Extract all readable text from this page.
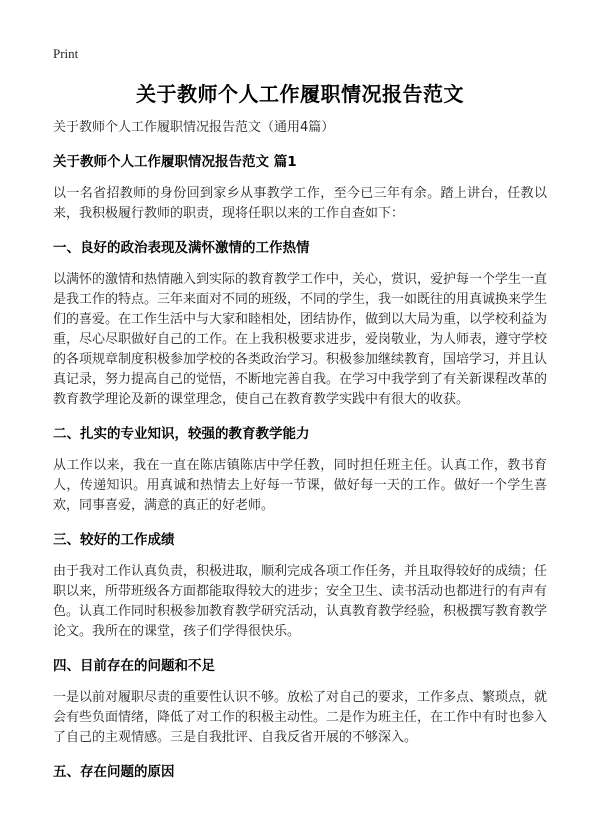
Print
关于教师个人工作履职情况报告范文

关于教师个人工作履职情况报告范文（通用4篇）

关于教师个人工作履职情况报告范文 篇1

以一名省招教师的身份回到家乡从事教学工作，至今已三年有余。踏上讲台，任教以来，我积极履行教师的职责，现将任职以来的工作自查如下：

一、良好的政治表现及满怀激情的工作热情

以满怀的激情和热情融入到实际的教育教学工作中，关心，赏识，爱护每一个学生一直是我工作的特点。三年来面对不同的班级，不同的学生，我一如既往的用真诚换来学生们的喜爱。在工作生活中与大家和睦相处，团结协作，做到以大局为重，以学校利益为重，尽心尽职做好自己的工作。在上我积极要求进步，爱岗敬业，为人师表，遵守学校的各项规章制度积极参加学校的各类政治学习。积极参加继续教育，国培学习，并且认真记录，努力提高自己的觉悟，不断地完善自我。在学习中我学到了有关新课程改革的教育教学理论及新的课堂理念，使自己在教育教学实践中有很大的收获。

二、扎实的专业知识，较强的教育教学能力

从工作以来，我在一直在陈店镇陈店中学任教，同时担任班主任。认真工作，教书育人，传递知识。用真诚和热情去上好每一节课，做好每一天的工作。做好一个学生喜欢，同事喜爱，满意的真正的好老师。

三、较好的工作成绩

由于我对工作认真负责，积极进取，顺利完成各项工作任务，并且取得较好的成绩；任职以来，所带班级各方面都能取得较大的进步；安全卫生、读书活动也都进行的有声有色。认真工作同时积极参加教育教学研究活动，认真教育教学经验，积极撰写教育教学论文。我所在的课堂，孩子们学得很快乐。

四、目前存在的问题和不足

一是以前对履职尽责的重要性认识不够。放松了对自己的要求，工作多点、繁琐点，就会有些负面情绪，降低了对工作的积极主动性。二是作为班主任，在工作中有时也参入了自己的主观情感。三是自我批评、自我反省开展的不够深入。

五、存在问题的原因
